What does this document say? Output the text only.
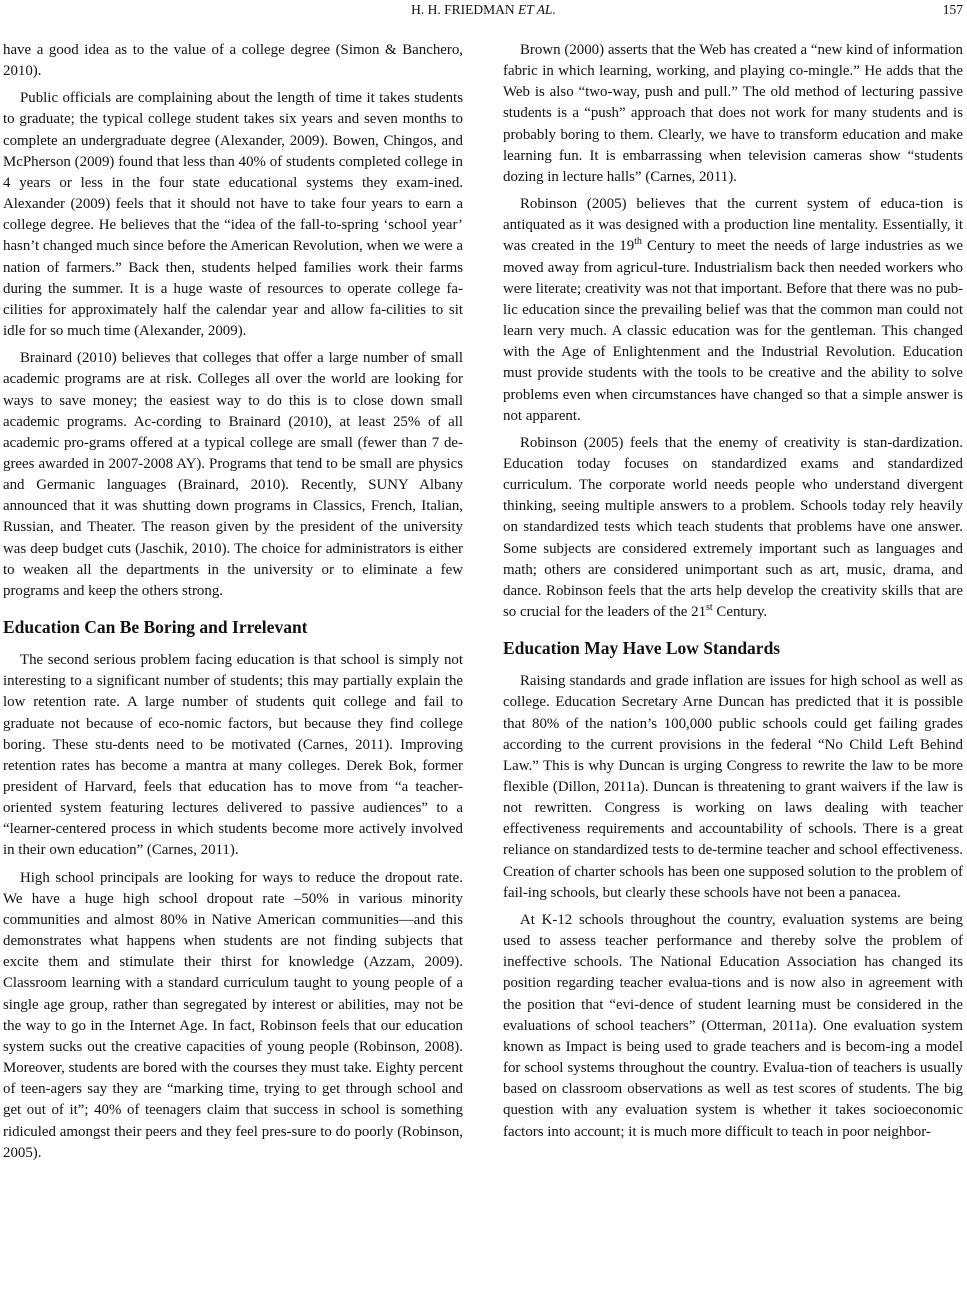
H. H. FRIEDMAN ET AL.	157

have a good idea as to the value of a college degree (Simon & Banchero, 2010).

Public officials are complaining about the length of time it takes students to graduate; the typical college student takes six years and seven months to complete an undergraduate degree (Alexander, 2009). Bowen, Chingos, and McPherson (2009) found that less than 40% of students completed college in 4 years or less in the four state educational systems they exam-ined. Alexander (2009) feels that it should not have to take four years to earn a college degree. He believes that the “idea of the fall-to-spring ‘school year’ hasn’t changed much since before the American Revolution, when we were a nation of farmers.” Back then, students helped families work their farms during the summer. It is a huge waste of resources to operate college fa-cilities for approximately half the calendar year and allow fa-cilities to sit idle for so much time (Alexander, 2009).

Brainard (2010) believes that colleges that offer a large number of small academic programs are at risk. Colleges all over the world are looking for ways to save money; the easiest way to do this is to close down small academic programs. Ac-cording to Brainard (2010), at least 25% of all academic pro-grams offered at a typical college are small (fewer than 7 de-grees awarded in 2007-2008 AY). Programs that tend to be small are physics and Germanic languages (Brainard, 2010). Recently, SUNY Albany announced that it was shutting down programs in Classics, French, Italian, Russian, and Theater. The reason given by the president of the university was deep budget cuts (Jaschik, 2010). The choice for administrators is either to weaken all the departments in the university or to eliminate a few programs and keep the others strong.

Education Can Be Boring and Irrelevant

The second serious problem facing education is that school is simply not interesting to a significant number of students; this may partially explain the low retention rate. A large number of students quit college and fail to graduate not because of eco-nomic factors, but because they find college boring. These stu-dents need to be motivated (Carnes, 2011). Improving retention rates has become a mantra at many colleges. Derek Bok, former president of Harvard, feels that education has to move from “a teacher-oriented system featuring lectures delivered to passive audiences” to a “learner-centered process in which students become more actively involved in their own education” (Carnes, 2011).

High school principals are looking for ways to reduce the dropout rate. We have a huge high school dropout rate –50% in various minority communities and almost 80% in Native American communities—and this demonstrates what happens when students are not finding subjects that excite them and stimulate their thirst for knowledge (Azzam, 2009). Classroom learning with a standard curriculum taught to young people of a single age group, rather than segregated by interest or abilities, may not be the way to go in the Internet Age. In fact, Robinson feels that our education system sucks out the creative capacities of young people (Robinson, 2008). Moreover, students are bored with the courses they must take. Eighty percent of teen-agers say they are “marking time, trying to get through school and get out of it”; 40% of teenagers claim that success in school is something ridiculed amongst their peers and they feel pres-sure to do poorly (Robinson, 2005).

Brown (2000) asserts that the Web has created a “new kind of information fabric in which learning, working, and playing co-mingle.” He adds that the Web is also “two-way, push and pull.” The old method of lecturing passive students is a “push” approach that does not work for many students and is probably boring to them. Clearly, we have to transform education and make learning fun. It is embarrassing when television cameras show “students dozing in lecture halls” (Carnes, 2011).

Robinson (2005) believes that the current system of educa-tion is antiquated as it was designed with a production line mentality. Essentially, it was created in the 19th Century to meet the needs of large industries as we moved away from agricul-ture. Industrialism back then needed workers who were literate; creativity was not that important. Before that there was no pub-lic education since the prevailing belief was that the common man could not learn very much. A classic education was for the gentleman. This changed with the Age of Enlightenment and the Industrial Revolution. Education must provide students with the tools to be creative and the ability to solve problems even when circumstances have changed so that a simple answer is not apparent.

Robinson (2005) feels that the enemy of creativity is stan-dardization. Education today focuses on standardized exams and standardized curriculum. The corporate world needs people who understand divergent thinking, seeing multiple answers to a problem. Schools today rely heavily on standardized tests which teach students that problems have one answer. Some subjects are considered extremely important such as languages and math; others are considered unimportant such as art, music, drama, and dance. Robinson feels that the arts help develop the creativity skills that are so crucial for the leaders of the 21st Century.

Education May Have Low Standards

Raising standards and grade inflation are issues for high school as well as college. Education Secretary Arne Duncan has predicted that it is possible that 80% of the nation’s 100,000 public schools could get failing grades according to the current provisions in the federal “No Child Left Behind Law.” This is why Duncan is urging Congress to rewrite the law to be more flexible (Dillon, 2011a). Duncan is threatening to grant waivers if the law is not rewritten. Congress is working on laws dealing with teacher effectiveness requirements and accountability of schools. There is a great reliance on standardized tests to de-termine teacher and school effectiveness. Creation of charter schools has been one supposed solution to the problem of fail-ing schools, but clearly these schools have not been a panacea.

At K-12 schools throughout the country, evaluation systems are being used to assess teacher performance and thereby solve the problem of ineffective schools. The National Education Association has changed its position regarding teacher evalua-tions and is now also in agreement with the position that “evi-dence of student learning must be considered in the evaluations of school teachers” (Otterman, 2011a). One evaluation system known as Impact is being used to grade teachers and is becom-ing a model for school systems throughout the country. Evalua-tion of teachers is usually based on classroom observations as well as test scores of students. The big question with any evaluation system is whether it takes socioeconomic factors into account; it is much more difficult to teach in poor neighbor-
